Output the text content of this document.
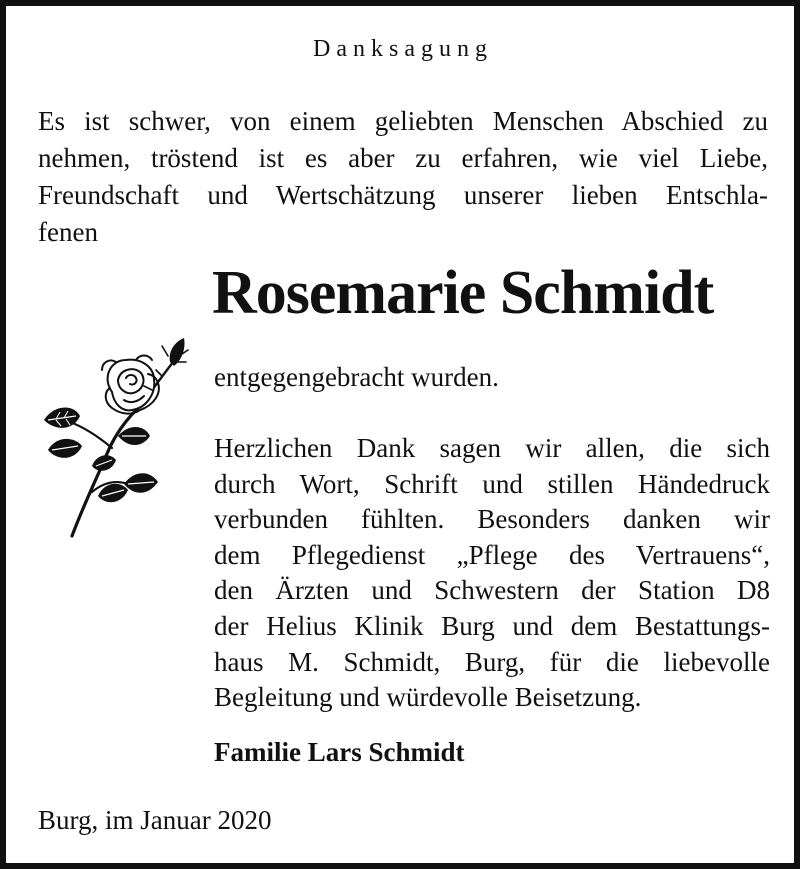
Danksagung
Es ist schwer, von einem geliebten Menschen Abschied zu
nehmen, tröstend ist es aber zu erfahren, wie viel Liebe,
Freundschaft und Wertschätzung unserer lieben Entschla-
fenen
Rosemarie Schmidt
entgegengebracht wurden.
Herzlichen Dank sagen wir allen, die sich
durch Wort, Schrift und stillen Händedruck
verbunden fühlten. Besonders danken wir
dem Pflegedienst „Pflege des Vertrauens“,
den Ärzten und Schwestern der Station D8
der Helius Klinik Burg und dem Bestattungs-
haus M. Schmidt, Burg, für die liebevolle
Begleitung und würdevolle Beisetzung.
Familie Lars Schmidt
Burg, im Januar 2020
